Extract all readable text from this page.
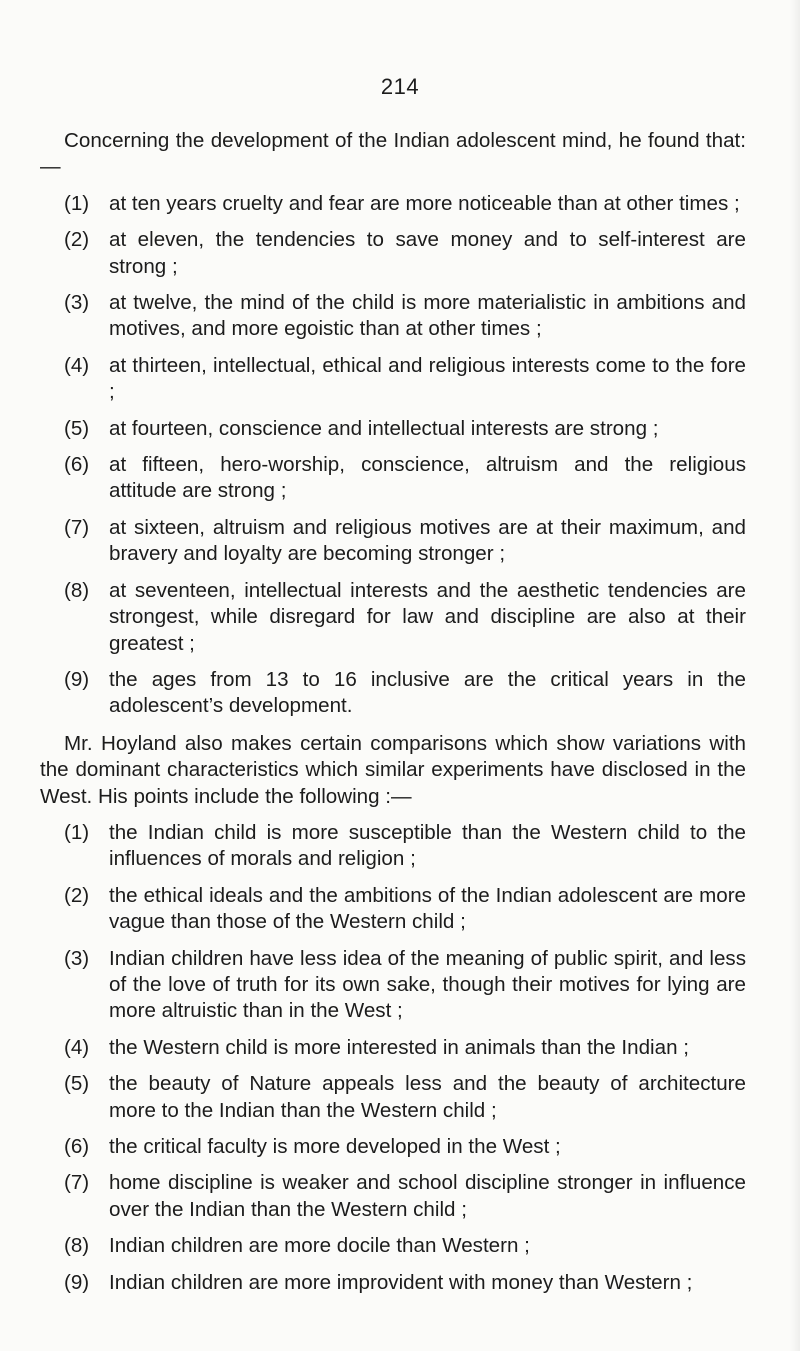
214

Concerning the development of the Indian adolescent mind, he found that:—

(1) at ten years cruelty and fear are more noticeable than at other times ;
(2) at eleven, the tendencies to save money and to self-interest are strong ;
(3) at twelve, the mind of the child is more materialistic in ambitions and motives, and more egoistic than at other times ;
(4) at thirteen, intellectual, ethical and religious interests come to the fore ;
(5) at fourteen, conscience and intellectual interests are strong ;
(6) at fifteen, hero-worship, conscience, altruism and the religious attitude are strong ;
(7) at sixteen, altruism and religious motives are at their maximum, and bravery and loyalty are becoming stronger ;
(8) at seventeen, intellectual interests and the aesthetic tendencies are strongest, while disregard for law and discipline are also at their greatest ;
(9) the ages from 13 to 16 inclusive are the critical years in the adolescent’s development.

Mr. Hoyland also makes certain comparisons which show variations with the dominant characteristics which similar experiments have disclosed in the West. His points include the following :—

(1) the Indian child is more susceptible than the Western child to the influences of morals and religion ;
(2) the ethical ideals and the ambitions of the Indian adolescent are more vague than those of the Western child ;
(3) Indian children have less idea of the meaning of public spirit, and less of the love of truth for its own sake, though their motives for lying are more altruistic than in the West ;
(4) the Western child is more interested in animals than the Indian ;
(5) the beauty of Nature appeals less and the beauty of architecture more to the Indian than the Western child ;
(6) the critical faculty is more developed in the West ;
(7) home discipline is weaker and school discipline stronger in influence over the Indian than the Western child ;
(8) Indian children are more docile than Western ;
(9) Indian children are more improvident with money than Western ;
